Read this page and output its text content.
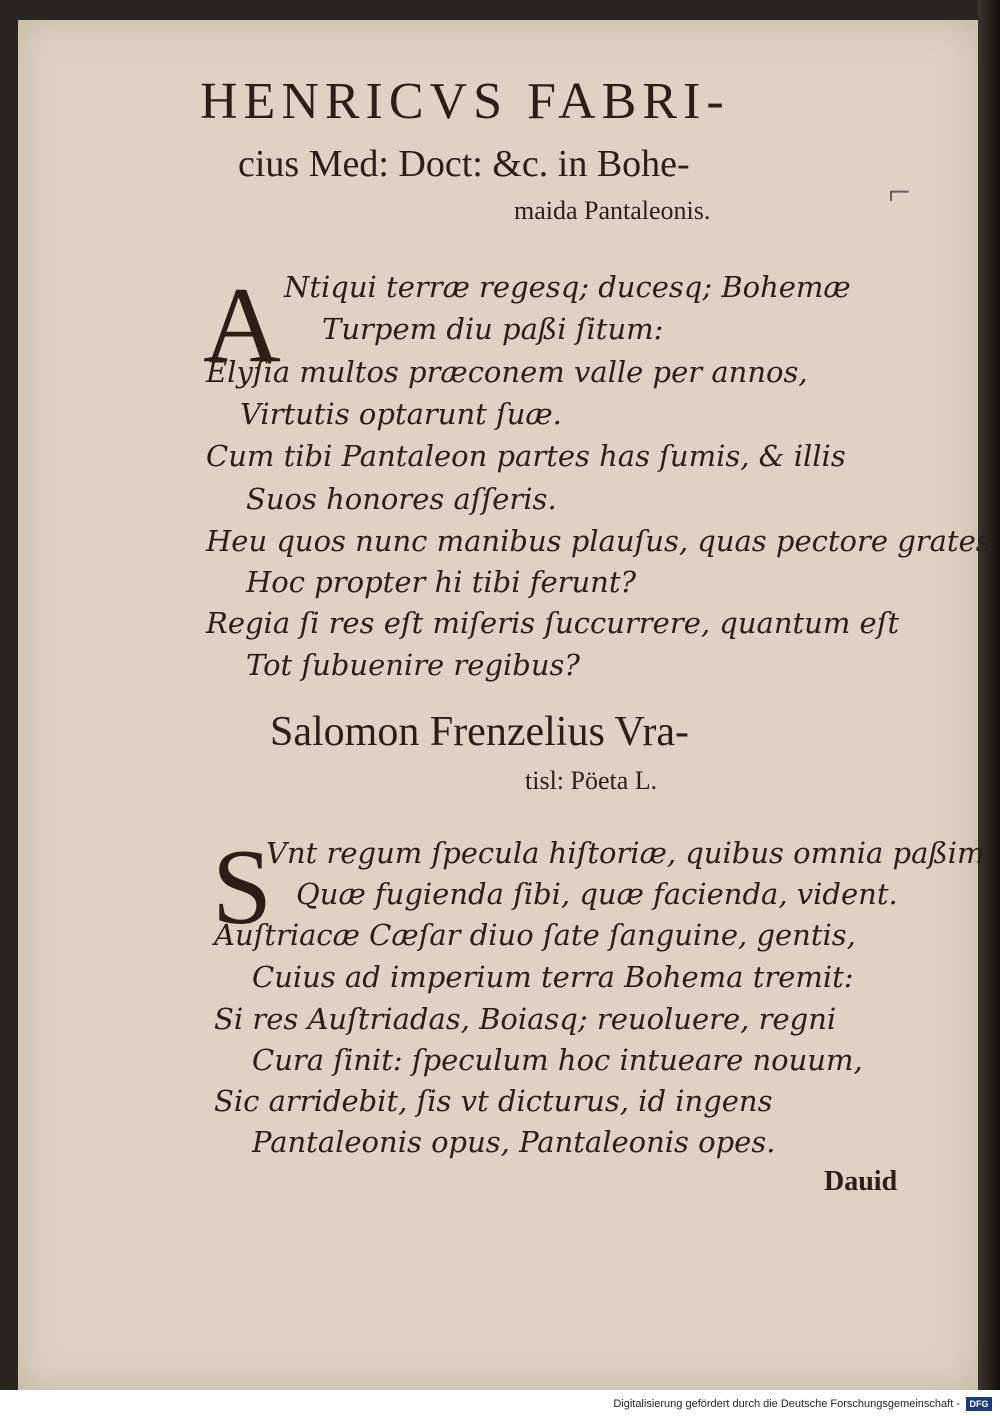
HENRICVS FABRI-
cius Med: Doct: &c. in Bohe-
maida Pantaleonis.	⌐
A Ntiqui terræ regesq; ducesq; Bohemæ
Turpem diu paßi ſitum:
Elyſia multos præconem valle per annos,
Virtutis optarunt ſuæ.
Cum tibi Pantaleon partes has ſumis, & illis
Suos honores aſſeris.
Heu quos nunc manibus plauſus, quas pectore grates
Hoc propter hi tibi ferunt?
Regia ſi res eſt miſeris ſuccurrere, quantum eſt
Tot ſubuenire regibus?
Salomon Frenzelius Vra-
tisl: Pöeta L.
S
Vnt regum ſpecula hiſtoriæ, quibus omnia paßim
Quæ fugienda ſibi, quæ facienda, vident.
Auſtriacæ Cæſar diuo ſate ſanguine, gentis,
Cuius ad imperium terra Bohema tremit:
Si res Auſtriadas, Boiasq; reuoluere, regni
Cura ſinit: ſpeculum hoc intueare nouum,
Sic arridebit, ſis vt dicturus, id ingens
Pantaleonis opus, Pantaleonis opes.
Dauid
Digitalisierung gefördert durch die Deutsche Forschungsgemeinschaft -	DFG
